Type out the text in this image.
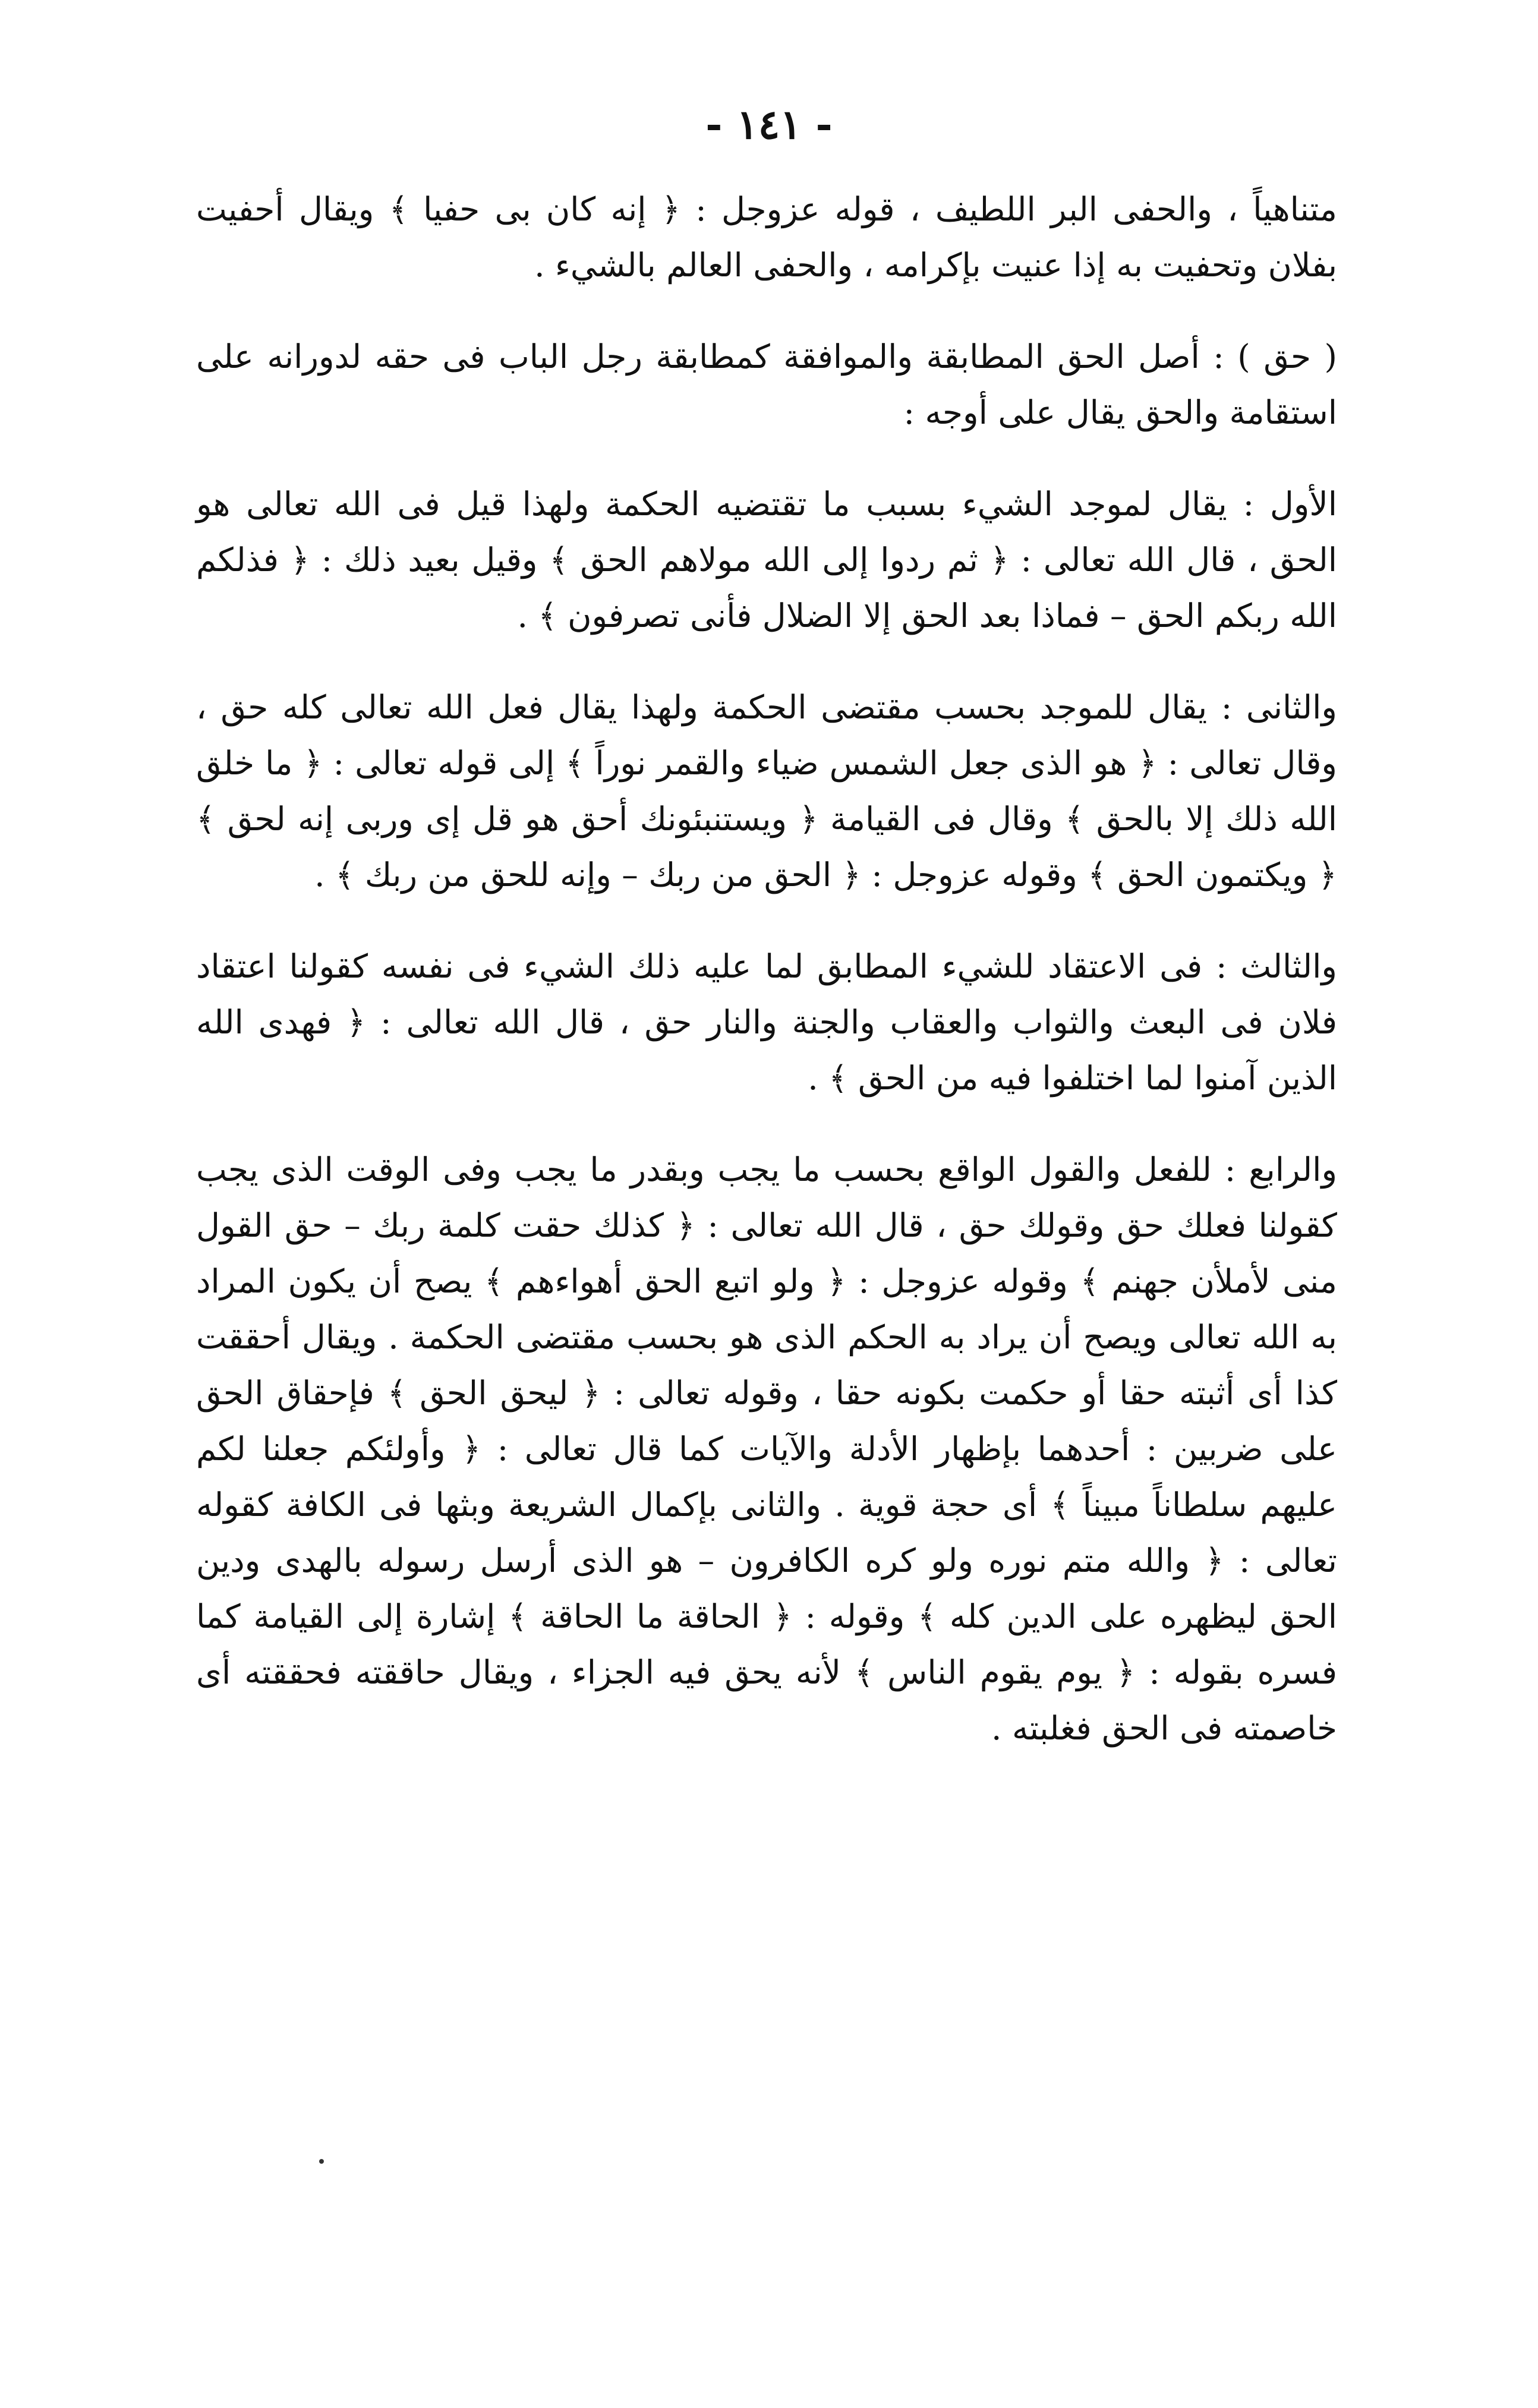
- ١٤١ -

متناهياً ، والحفى البر اللطيف ، قوله عزوجل : ﴿ إنه كان بى حفيا ﴾ ويقال أحفيت بفلان وتحفيت به إذا عنيت بإكرامه ، والحفى العالم بالشيء .

( حق ) : أصل الحق المطابقة والموافقة كمطابقة رجل الباب فى حقه لدورانه على استقامة والحق يقال على أوجه :

الأول : يقال لموجد الشيء بسبب ما تقتضيه الحكمة ولهذا قيل فى الله تعالى هو الحق ، قال الله تعالى : ﴿ ثم ردوا إلى الله مولاهم الحق ﴾ وقيل بعيد ذلك : ﴿ فذلكم الله ربكم الحق – فماذا بعد الحق إلا الضلال فأنى تصرفون ﴾ .

والثانى : يقال للموجد بحسب مقتضى الحكمة ولهذا يقال فعل الله تعالى كله حق ، وقال تعالى : ﴿ هو الذى جعل الشمس ضياء والقمر نوراً ﴾ إلى قوله تعالى : ﴿ ما خلق الله ذلك إلا بالحق ﴾ وقال فى القيامة ﴿ ويستنبئونك أحق هو قل إى وربى إنه لحق ﴾ ﴿ ويكتمون الحق ﴾ وقوله عزوجل : ﴿ الحق من ربك – وإنه للحق من ربك ﴾ .

والثالث : فى الاعتقاد للشيء المطابق لما عليه ذلك الشيء فى نفسه كقولنا اعتقاد فلان فى البعث والثواب والعقاب والجنة والنار حق ، قال الله تعالى : ﴿ فهدى الله الذين آمنوا لما اختلفوا فيه من الحق ﴾ .

والرابع : للفعل والقول الواقع بحسب ما يجب وبقدر ما يجب وفى الوقت الذى يجب كقولنا فعلك حق وقولك حق ، قال الله تعالى : ﴿ كذلك حقت كلمة ربك – حق القول منى لأملأن جهنم ﴾ وقوله عزوجل : ﴿ ولو اتبع الحق أهواءهم ﴾ يصح أن يكون المراد به الله تعالى ويصح أن يراد به الحكم الذى هو بحسب مقتضى الحكمة . ويقال أحققت كذا أى أثبته حقا أو حكمت بكونه حقا ، وقوله تعالى : ﴿ ليحق الحق ﴾ فإحقاق الحق على ضربين : أحدهما بإظهار الأدلة والآيات كما قال تعالى : ﴿ وأولئكم جعلنا لكم عليهم سلطاناً مبيناً ﴾ أى حجة قوية . والثانى بإكمال الشريعة وبثها فى الكافة كقوله تعالى : ﴿ والله متم نوره ولو كره الكافرون – هو الذى أرسل رسوله بالهدى ودين الحق ليظهره على الدين كله ﴾ وقوله : ﴿ الحاقة ما الحاقة ﴾ إشارة إلى القيامة كما فسره بقوله : ﴿ يوم يقوم الناس ﴾ لأنه يحق فيه الجزاء ، ويقال حاققته فحققته أى خاصمته فى الحق فغلبته .
